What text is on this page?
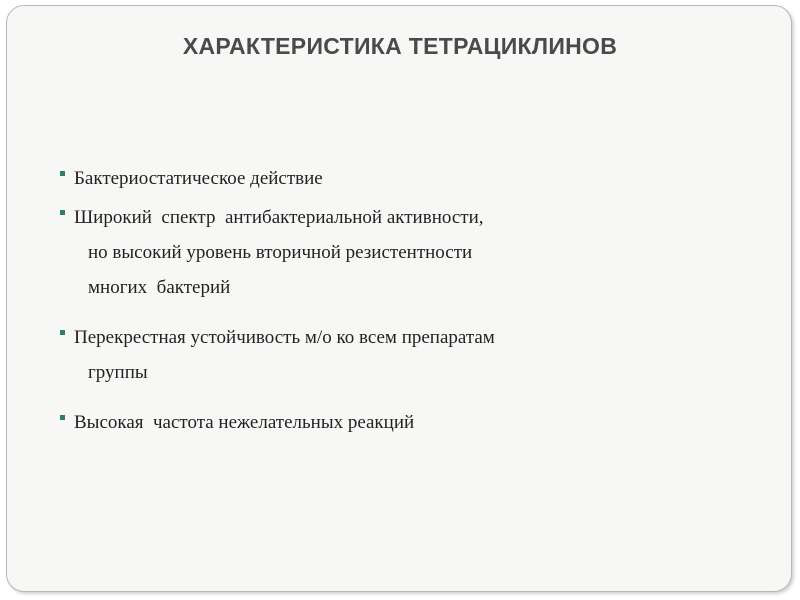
ХАРАКТЕРИСТИКА ТЕТРАЦИКЛИНОВ
Бактериостатическое действие
Широкий  спектр  антибактериальной активности,
но высокий уровень вторичной резистентности
многих  бактерий
Перекрестная устойчивость м/о ко всем препаратам
группы
Высокая  частота нежелательных реакций
